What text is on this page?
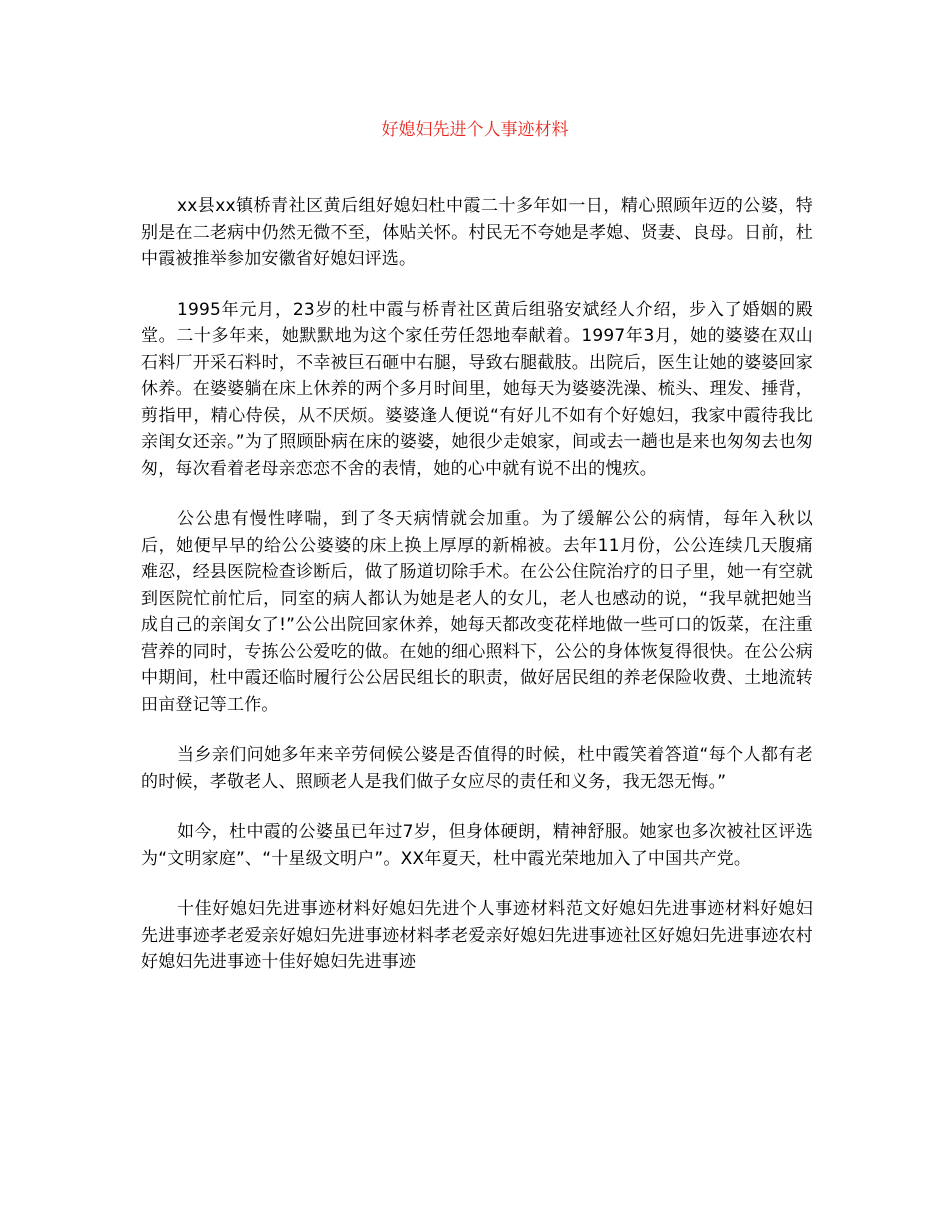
好媳妇先进个人事迹材料

xx县xx镇桥青社区黄后组好媳妇杜中霞二十多年如一日，精心照顾年迈的公婆，特别是在二老病中仍然无微不至，体贴关怀。村民无不夸她是孝媳、贤妻、良母。日前，杜中霞被推举参加安徽省好媳妇评选。

1995年元月，23岁的杜中霞与桥青社区黄后组骆安斌经人介绍，步入了婚姻的殿堂。二十多年来，她默默地为这个家任劳任怨地奉献着。1997年3月，她的婆婆在双山石料厂开采石料时，不幸被巨石砸中右腿，导致右腿截肢。出院后，医生让她的婆婆回家休养。在婆婆躺在床上休养的两个多月时间里，她每天为婆婆洗澡、梳头、理发、捶背，剪指甲，精心侍侯，从不厌烦。婆婆逢人便说“有好儿不如有个好媳妇，我家中霞待我比亲闺女还亲。”为了照顾卧病在床的婆婆，她很少走娘家，间或去一趟也是来也匆匆去也匆匆，每次看着老母亲恋恋不舍的表情，她的心中就有说不出的愧疚。

公公患有慢性哮喘，到了冬天病情就会加重。为了缓解公公的病情，每年入秋以后，她便早早的给公公婆婆的床上换上厚厚的新棉被。去年11月份，公公连续几天腹痛难忍，经县医院检查诊断后，做了肠道切除手术。在公公住院治疗的日子里，她一有空就到医院忙前忙后，同室的病人都认为她是老人的女儿，老人也感动的说，“我早就把她当成自己的亲闺女了!”公公出院回家休养，她每天都改变花样地做一些可口的饭菜，在注重营养的同时，专拣公公爱吃的做。在她的细心照料下，公公的身体恢复得很快。在公公病中期间，杜中霞还临时履行公公居民组长的职责，做好居民组的养老保险收费、土地流转田亩登记等工作。

当乡亲们问她多年来辛劳伺候公婆是否值得的时候，杜中霞笑着答道“每个人都有老的时候，孝敬老人、照顾老人是我们做子女应尽的责任和义务，我无怨无悔。”

如今，杜中霞的公婆虽已年过7岁，但身体硬朗，精神舒服。她家也多次被社区评选为“文明家庭”、“十星级文明户”。XX年夏天，杜中霞光荣地加入了中国共产党。

十佳好媳妇先进事迹材料好媳妇先进个人事迹材料范文好媳妇先进事迹材料好媳妇先进事迹孝老爱亲好媳妇先进事迹材料孝老爱亲好媳妇先进事迹社区好媳妇先进事迹农村好媳妇先进事迹十佳好媳妇先进事迹
